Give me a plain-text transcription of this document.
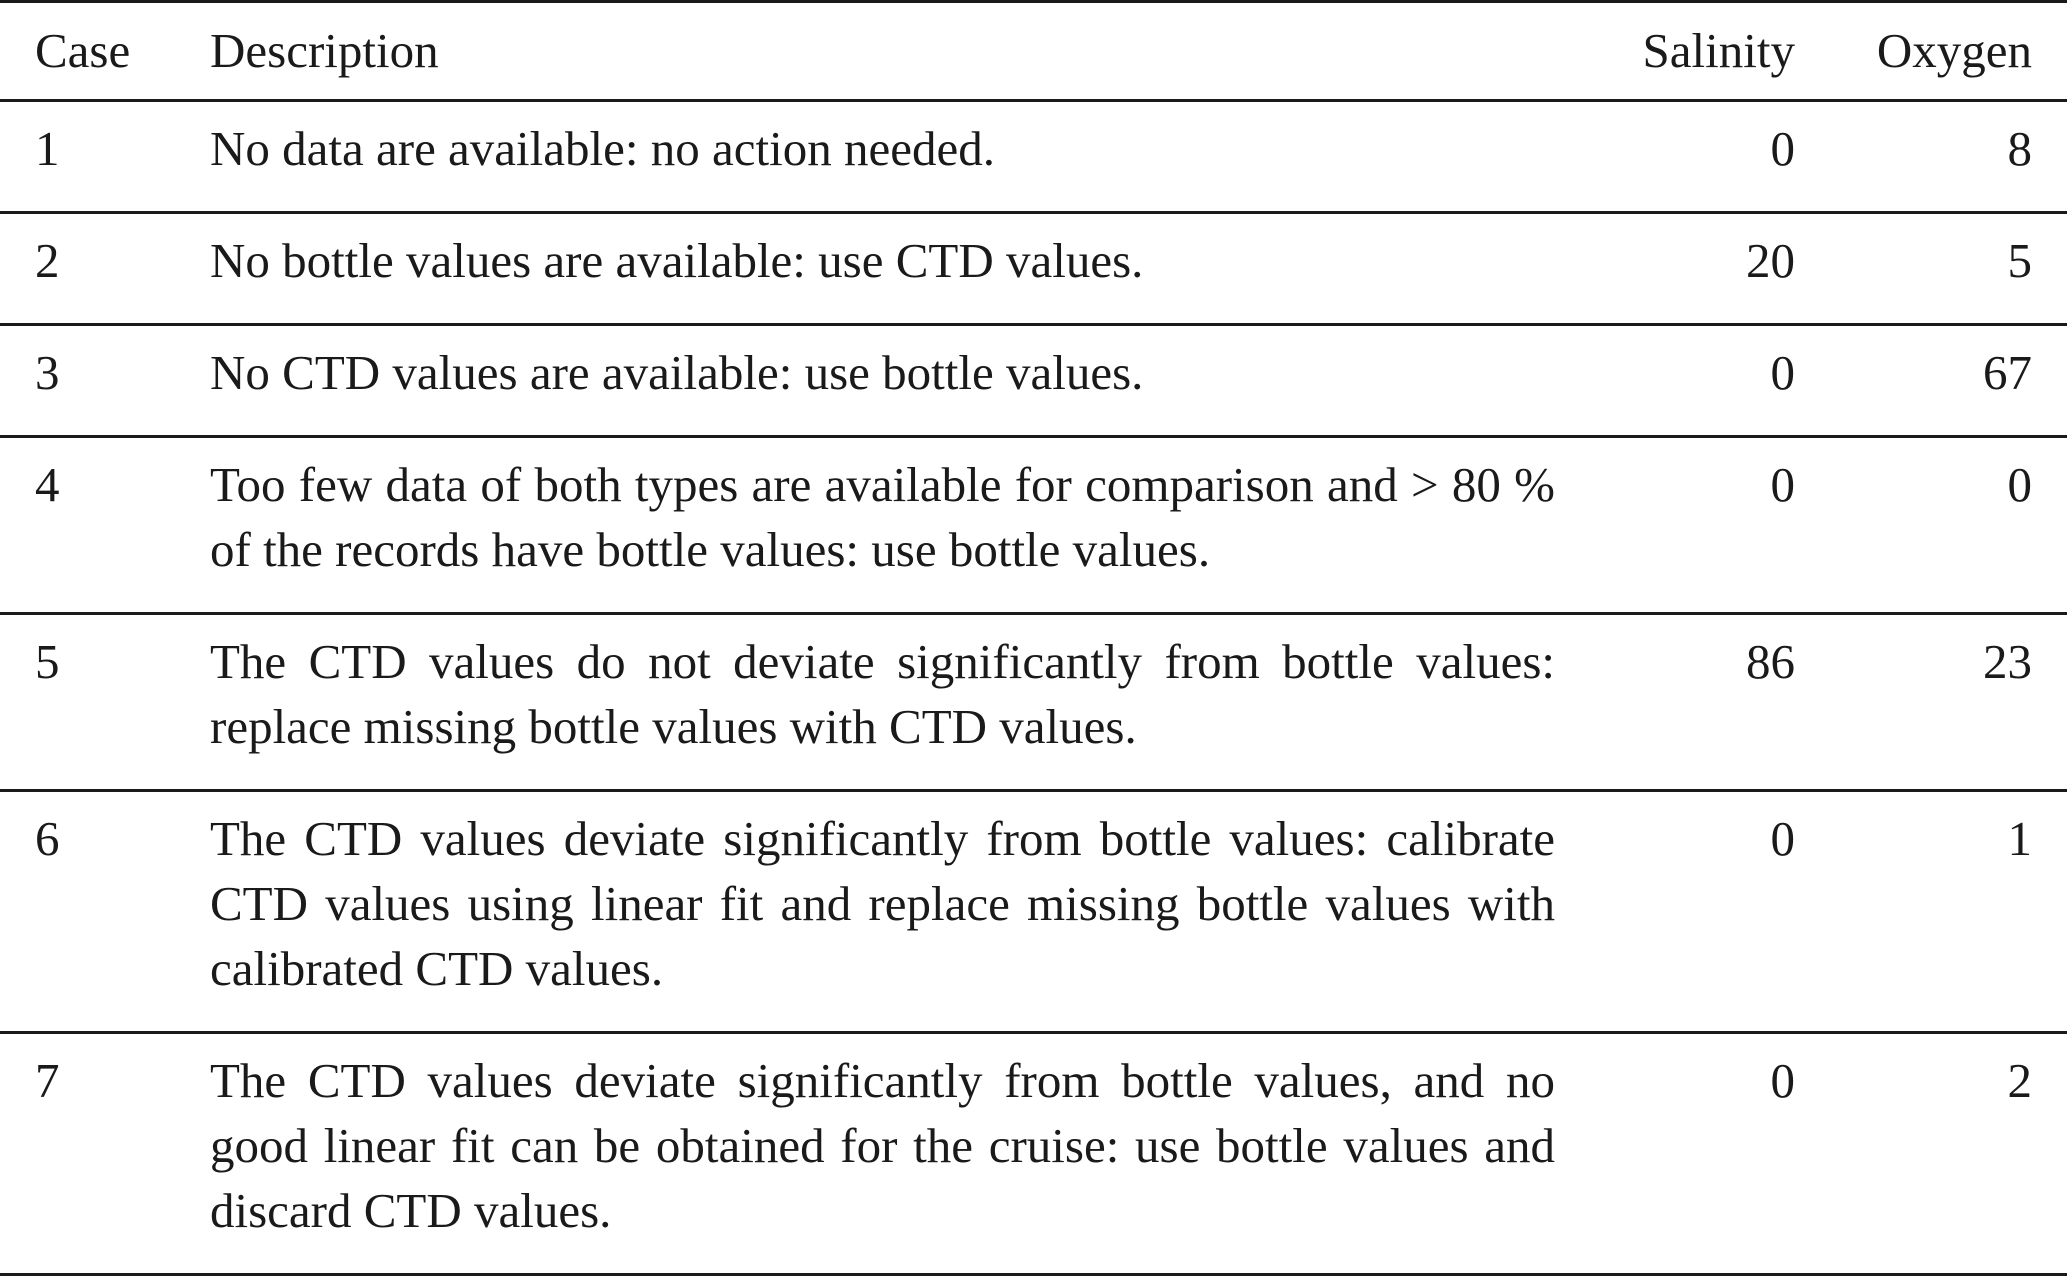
Case	Description	Salinity	Oxygen
1	No data are available: no action needed.	0	8
2	No bottle values are available: use CTD values.	20	5
3	No CTD values are available: use bottle values.	0	67
4	Too few data of both types are available for comparison and > 80 % of the records have bottle values: use bottle values.	0	0
5	The CTD values do not deviate significantly from bottle values: replace missing bottle values with CTD values.	86	23
6	The CTD values deviate significantly from bottle values: calibrate CTD values using linear fit and replace missing bottle values with calibrated CTD values.	0	1
7	The CTD values deviate significantly from bottle values, and no good linear fit can be obtained for the cruise: use bottle values and discard CTD values.	0	2
